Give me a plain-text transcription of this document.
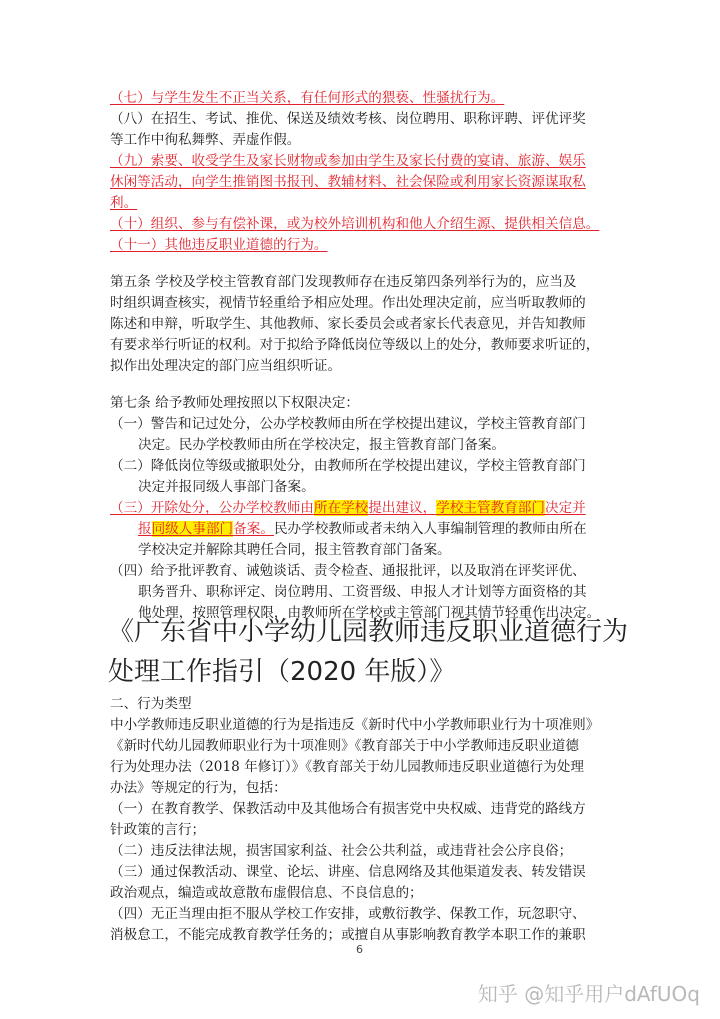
（七）与学生发生不正当关系，有任何形式的猥亵、性骚扰行为。
（八）在招生、考试、推优、保送及绩效考核、岗位聘用、职称评聘、评优评奖
等工作中徇私舞弊、弄虚作假。
（九）索要、收受学生及家长财物或参加由学生及家长付费的宴请、旅游、娱乐
休闲等活动，向学生推销图书报刊、教辅材料、社会保险或利用家长资源谋取私
利。
（十）组织、参与有偿补课，或为校外培训机构和他人介绍生源、提供相关信息。
（十一）其他违反职业道德的行为。
第五条 学校及学校主管教育部门发现教师存在违反第四条列举行为的，应当及
时组织调查核实，视情节轻重给予相应处理。作出处理决定前，应当听取教师的
陈述和申辩，听取学生、其他教师、家长委员会或者家长代表意见，并告知教师
有要求举行听证的权利。对于拟给予降低岗位等级以上的处分，教师要求听证的，
拟作出处理决定的部门应当组织听证。
第七条 给予教师处理按照以下权限决定：
（一）警告和记过处分，公办学校教师由所在学校提出建议，学校主管教育部门
决定。民办学校教师由所在学校决定，报主管教育部门备案。
（二）降低岗位等级或撤职处分，由教师所在学校提出建议，学校主管教育部门
决定并报同级人事部门备案。
（三）开除处分，公办学校教师由所在学校提出建议，学校主管教育部门决定并
报同级人事部门备案。民办学校教师或者未纳入人事编制管理的教师由所在
学校决定并解除其聘任合同，报主管教育部门备案。
（四）给予批评教育、诫勉谈话、责令检查、通报批评，以及取消在评奖评优、
职务晋升、职称评定、岗位聘用、工资晋级、申报人才计划等方面资格的其
他处理，按照管理权限，由教师所在学校或主管部门视其情节轻重作出决定。
《广东省中小学幼儿园教师违反职业道德行为
处理工作指引（2020 年版）》
二、行为类型
中小学教师违反职业道德的行为是指违反《新时代中小学教师职业行为十项准则》
《新时代幼儿园教师职业行为十项准则》《教育部关于中小学教师违反职业道德
行为处理办法（2018 年修订）》《教育部关于幼儿园教师违反职业道德行为处理
办法》等规定的行为，包括：
（一）在教育教学、保教活动中及其他场合有损害党中央权威、违背党的路线方
针政策的言行；
（二）违反法律法规，损害国家利益、社会公共利益，或违背社会公序良俗；
（三）通过保教活动、课堂、论坛、讲座、信息网络及其他渠道发表、转发错误
政治观点，编造或故意散布虚假信息、不良信息的；
（四）无正当理由拒不服从学校工作安排，或敷衍教学、保教工作，玩忽职守、
消极怠工，不能完成教育教学任务的；或擅自从事影响教育教学本职工作的兼职
6
知乎 @知乎用户dAfUOq
